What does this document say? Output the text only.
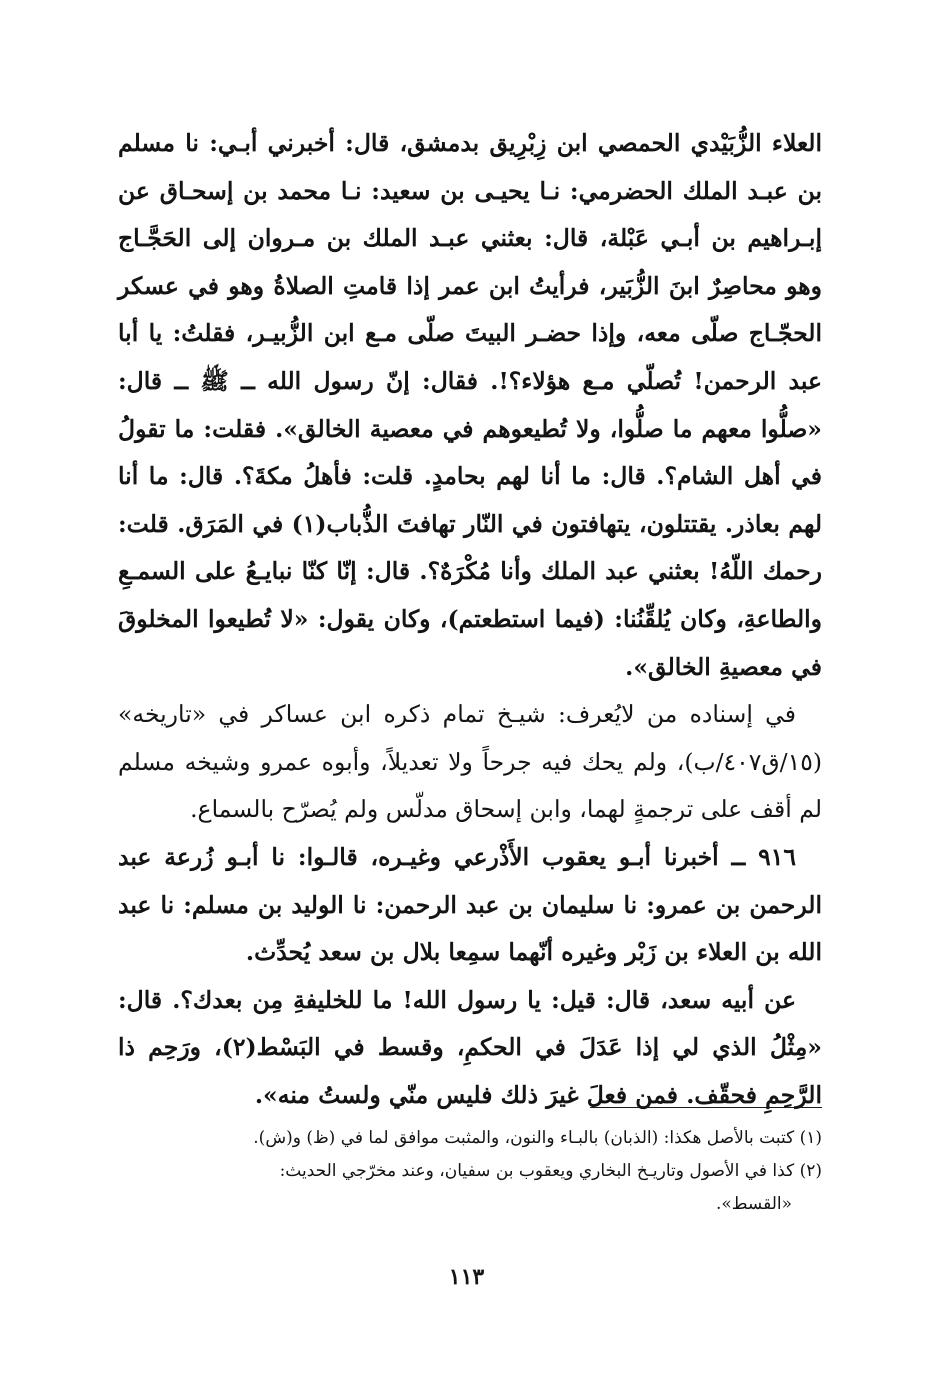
العلاء الزُّبَيْدي الحمصي ابن زِبْرِيق بدمشق، قال: أخبرني أبـي: نا مسلم بن عبـد الملك الحضرمي: نـا يحيـى بن سعيد: نـا محمد بن إسحـاق عن إبـراهيم بن أبـي عَبْلة، قال: بعثني عبـد الملك بن مـروان إلى الحَجَّـاج وهو محاصِرٌ ابنَ الزُّبَير، فرأيتُ ابن عمر إذا قامتِ الصلاةُ وهو في عسكر الحجّـاج صلّى معه، وإذا حضـر البيتَ صلّى مـع ابن الزُّبيـر، فقلتُ: يا أبا عبد الرحمن! تُصلّي مـع هؤلاء؟!. فقال: إنّ رسول الله ــ ﷺ ــ قال: «صلُّوا معهم ما صلُّوا، ولا تُطيعوهم في معصية الخالق». فقلت: ما تقولُ في أهل الشام؟. قال: ما أنا لهم بحامدٍ. قلت: فأهلُ مكةَ؟. قال: ما أنا لهم بعاذر. يقتتلون، يتهافتون في النّار تهافتَ الذُّباب(١) في المَرَق. قلت: رحمك اللّهُ! بعثني عبد الملك وأنا مُكْرَهٌ؟. قال: إنّا كنّا نبايـعُ على السمـعِ والطاعةِ، وكان يُلقِّنُنا: (فيما استطعتم)، وكان يقول: «لا تُطيعوا المخلوقَ في معصيةِ الخالق».

في إسناده من لايُعرف: شيـخ تمام ذكره ابن عساكر في «تاريخه» (١٥/ق٤٠٧/ب)، ولم يحك فيه جرحاً ولا تعديلاً، وأبوه عمرو وشيخه مسلم لم أقف على ترجمةٍ لهما، وابن إسحاق مدلّس ولم يُصرّح بالسماع.

٩١٦ ــ أخبرنا أبـو يعقوب الأَذْرعي وغيـره، قالـوا: نا أبـو زُرعة عبد الرحمن بن عمرو: نا سليمان بن عبد الرحمن: نا الوليد بن مسلم: نا عبد الله بن العلاء بن زَبْر وغيره أنّهما سمِعا بلال بن سعد يُحدِّث.

عن أبيه سعد، قال: قيل: يا رسول الله! ما للخليفةِ مِن بعدك؟. قال: «مِثْلُ الذي لي إذا عَدَلَ في الحكمِ، وقسط في البَسْط(٢)، ورَحِم ذا الرَّحِمِ فحقّف. فمن فعلَ غيرَ ذلك فليس منّي ولستُ منه».

(١) كتبت بالأصل هكذا: (الذبان) بالبـاء والنون، والمثبت موافق لما في (ظ) و(ش).

(٢) كذا في الأصول وتاريـخ البخاري ويعقوب بن سفيان، وعند مخرّجي الحديث:

«القسط».

١١٣
